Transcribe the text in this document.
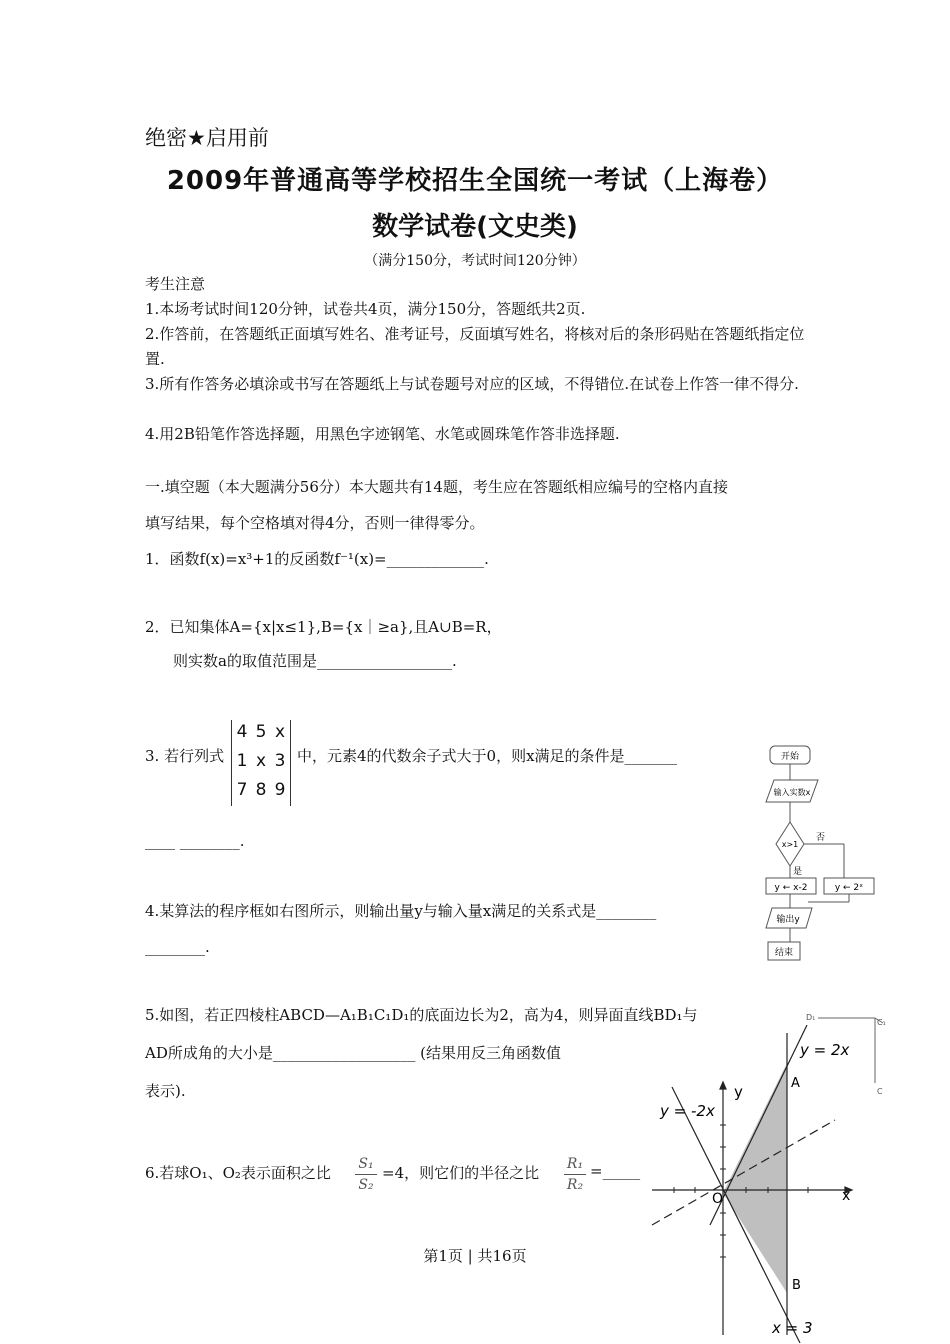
绝密★启用前
2009年普通高等学校招生全国统一考试（上海卷）
数学试卷(文史类)
（满分150分，考试时间120分钟）
考生注意
1.本场考试时间120分钟，试卷共4页，满分150分，答题纸共2页.
2.作答前，在答题纸正面填写姓名、准考证号，反面填写姓名，将核对后的条形码贴在答题纸指定位置.
3.所有作答务必填涂或书写在答题纸上与试卷题号对应的区域，不得错位.在试卷上作答一律不得分.
4.用2B铅笔作答选择题，用黑色字迹钢笔、水笔或圆珠笔作答非选择题.
一.填空题（本大题满分56分）本大题共有14题，考生应在答题纸相应编号的空格内直接
填写结果，每个空格填对得4分，否则一律得零分。
1．函数f(x)=x³+1的反函数f⁻¹(x)=_____________.
2．已知集体A={x|x≤1},B={x｜≥a},且A∪B=R，
则实数a的取值范围是__________________.
3. 若行列式
4 5 x
1 x 3
7 8 9
中，元素4的代数余子式大于0，则x满足的条件是_______
____ ________.
4.某算法的程序框如右图所示，则输出量y与输入量x满足的关系式是________
________.
5.如图，若正四棱柱ABCD—A₁B₁C₁D₁的底面边长为2，高为4，则异面直线BD₁与
AD所成角的大小是___________________ (结果用反三角函数值
表示).
6.若球O₁、O₂表示面积之比 S₁
S₂
=4，则它们的半径之比 R₁
R₂
=_____
开始
输入实数x
x>1
否
是
y ← x-2	y ← 2ˣ
输出y
结束
D₁
C₁
C
y = 2x
y = -2x
y
x
O
A
B
x = 3
第1页 | 共16页
